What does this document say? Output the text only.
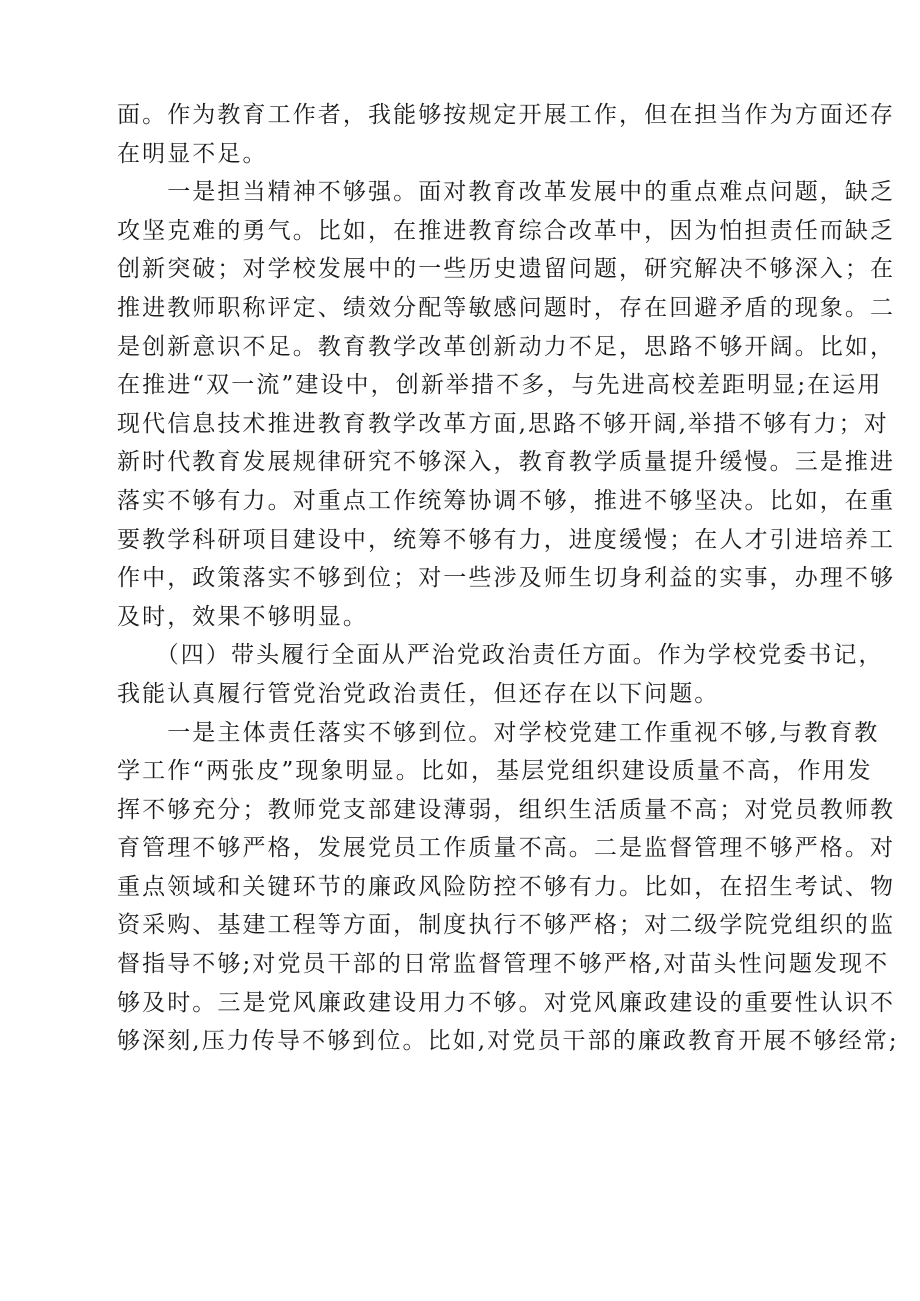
面。作为教育工作者，我能够按规定开展工作，但在担当作为方面还存
在明显不足。
　　一是担当精神不够强。面对教育改革发展中的重点难点问题，缺乏
攻坚克难的勇气。比如，在推进教育综合改革中，因为怕担责任而缺乏
创新突破；对学校发展中的一些历史遗留问题，研究解决不够深入；在
推进教师职称评定、绩效分配等敏感问题时，存在回避矛盾的现象。二
是创新意识不足。教育教学改革创新动力不足，思路不够开阔。比如，
在推进“双一流”建设中，创新举措不多，与先进高校差距明显;在运用
现代信息技术推进教育教学改革方面,思路不够开阔,举措不够有力；对
新时代教育发展规律研究不够深入，教育教学质量提升缓慢。三是推进
落实不够有力。对重点工作统筹协调不够，推进不够坚决。比如，在重
要教学科研项目建设中，统筹不够有力，进度缓慢；在人才引进培养工
作中，政策落实不够到位；对一些涉及师生切身利益的实事，办理不够
及时，效果不够明显。
　　（四）带头履行全面从严治党政治责任方面。作为学校党委书记，
我能认真履行管党治党政治责任，但还存在以下问题。
　　一是主体责任落实不够到位。对学校党建工作重视不够,与教育教
学工作“两张皮”现象明显。比如，基层党组织建设质量不高，作用发
挥不够充分；教师党支部建设薄弱，组织生活质量不高；对党员教师教
育管理不够严格，发展党员工作质量不高。二是监督管理不够严格。对
重点领域和关键环节的廉政风险防控不够有力。比如，在招生考试、物
资采购、基建工程等方面，制度执行不够严格；对二级学院党组织的监
督指导不够;对党员干部的日常监督管理不够严格,对苗头性问题发现不
够及时。三是党风廉政建设用力不够。对党风廉政建设的重要性认识不
够深刻,压力传导不够到位。比如,对党员干部的廉政教育开展不够经常;
